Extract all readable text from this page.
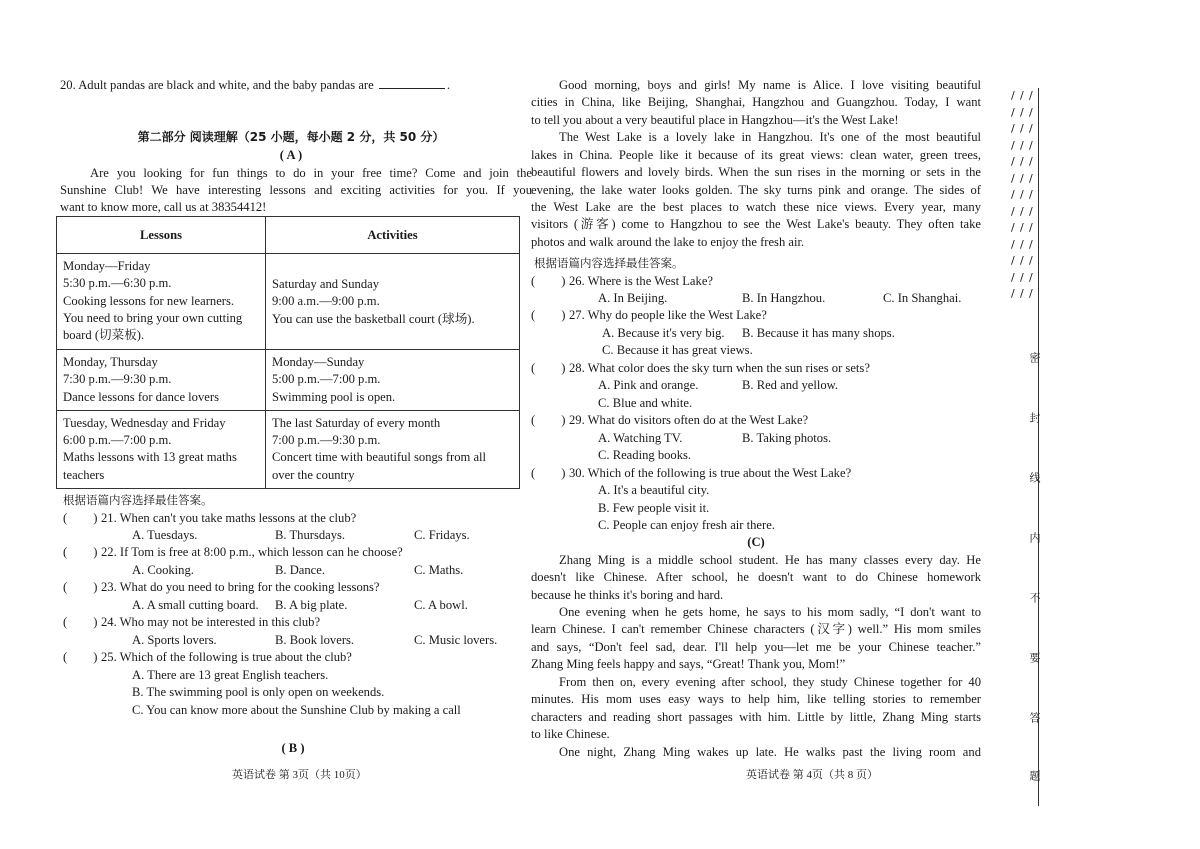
20. Adult pandas are black and white, and the baby pandas are	.
第二部分 阅读理解（25 小题，每小题 2 分，共 50 分）
( A )
Are you looking for fun things to do in your free time? Come and join the
Sunshine Club! We have interesting lessons and exciting activities for you. If you
want to know more, call us at 38354412!
Lessons	Activities

Monday—Friday
5:30 p.m.—6:30 p.m.
Cooking lessons for new learners.
You need to bring your own cutting
board (切菜板).	Saturday and Sunday
9:00 a.m.—9:00 p.m.
You can use the basketball court (球场).

Monday, Thursday
7:30 p.m.—9:30 p.m.
Dance lessons for dance lovers	Monday—Sunday
5:00 p.m.—7:00 p.m.
Swimming pool is open.

Tuesday, Wednesday and Friday
6:00 p.m.—7:00 p.m.
Maths lessons with 13 great maths
teachers	The last Saturday of every month
7:00 p.m.—9:30 p.m.
Concert time with beautiful songs from all
over the country
根据语篇内容选择最佳答案。
( ) 21. When can't you take maths lessons at the club?
A. Tuesdays.	B. Thursdays.	C. Fridays.
( ) 22. If Tom is free at 8:00 p.m., which lesson can he choose?
A. Cooking.	B. Dance.	C. Maths.
( ) 23. What do you need to bring for the cooking lessons?
A. A small cutting board. B. A big plate.	C. A bowl.
( ) 24. Who may not be interested in this club?
A. Sports lovers.	B. Book lovers.	C. Music lovers.
( ) 25. Which of the following is true about the club?
A. There are 13 great English teachers.
B. The swimming pool is only open on weekends.
C. You can know more about the Sunshine Club by making a call
( B )
英语试卷 第 3页（共 10页）
Good morning, boys and girls! My name is Alice. I love visiting beautiful
cities in China, like Beijing, Shanghai, Hangzhou and Guangzhou. Today, I want
to tell you about a very beautiful place in Hangzhou—it's the West Lake!
The West Lake is a lovely lake in Hangzhou. It's one of the most beautiful
lakes in China. People like it because of its great views: clean water, green trees,
beautiful flowers and lovely birds. When the sun rises in the morning or sets in the
evening, the lake water looks golden. The sky turns pink and orange. The sides of
the West Lake are the best places to watch these nice views. Every year, many
visitors (游客) come to Hangzhou to see the West Lake's beauty. They often take
photos and walk around the lake to enjoy the fresh air.
根据语篇内容选择最佳答案。
( ) 26. Where is the West Lake?
A. In Beijing.	B. In Hangzhou.	C. In Shanghai.
( ) 27. Why do people like the West Lake?
A. Because it's very big. B. Because it has many shops.
C. Because it has great views.
( ) 28. What color does the sky turn when the sun rises or sets?
A. Pink and orange.	B. Red and yellow.
C. Blue and white.
( ) 29. What do visitors often do at the West Lake?
A. Watching TV.	B. Taking photos.
C. Reading books.
( ) 30. Which of the following is true about the West Lake?
A. It's a beautiful city.
B. Few people visit it.
C. People can enjoy fresh air there.
(C)
Zhang Ming is a middle school student. He has many classes every day. He
doesn't like Chinese. After school, he doesn't want to do Chinese homework
because he thinks it's boring and hard.
One evening when he gets home, he says to his mom sadly, “I don't want to
learn Chinese. I can't remember Chinese characters (汉字) well.” His mom smiles
and says, “Don't feel sad, dear. I'll help you—let me be your Chinese teacher.”
Zhang Ming feels happy and says, “Great! Thank you, Mom!”
From then on, every evening after school, they study Chinese together for 40
minutes. His mom uses easy ways to help him, like telling stories to remember
characters and reading short passages with him. Little by little, Zhang Ming starts
to like Chinese.
One night, Zhang Ming wakes up late. He walks past the living room and
英语试卷 第 4页（共 8 页）
/ / /
/ / /
/ / /
/ / /
/ / /
/ / /
/ / /
/ / /
/ / /
/ / /
/ / /
/ / /
/ / /
密
封
线
内
不
要
答
题
